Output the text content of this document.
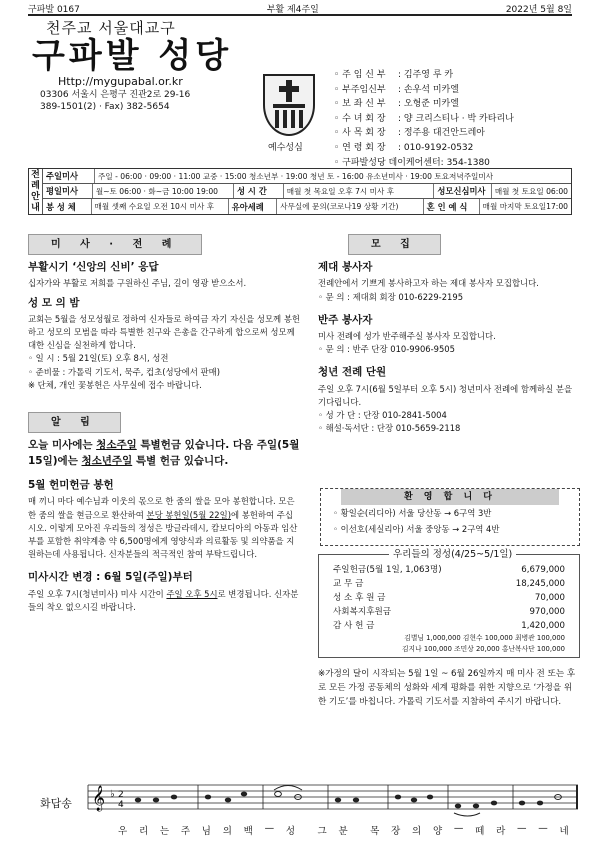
구파발 0167	부활 제4주일	2022년 5월 8일
천주교 서울대교구
구파발 성당
Http://mygupabal.or.kr
03306 서울시 은평구 진관2로 29-16
389-1501(2) · Fax) 382-5654
예수성심
◦ 주 임 신 부	: 김주영 루 카
◦ 부주임신부	: 손우석 미카엘
◦ 보 좌 신 부	: 오형준 미카엘
◦ 수 녀 회 장	: 양 크리스티나 · 박 카타리나
◦ 사 목 회 장	: 정주용 대건안드레아
◦ 연 령 회 장	: 010-9192-0532
◦ 구파발성당 데이케어센터 : 354-1380
전
례
안
내
주일미사	주일 - 06:00 · 09:00 · 11:00 교중 · 15:00 청소년부 · 19:00 청년 토 - 16:00 유소년미사 · 19:00 토요저녁주일미사
평일미사	월~토 06:00 · 화~금 10:00 19:00	성 시 간	매월 첫 목요일 오후 7시 미사 후	성모신심미사	매월 첫 토요일 06:00
봉 성 체	매월 셋째 수요일 오전 10시 미사 후	유아세례	사무실에 문의(코로나19 상황 기간)	혼 인 예 식	매월 마지막 토요일17:00
미 사 · 전 례
부활시기 ‘신앙의 신비’ 응답

십자가와 부활로 저희를 구원하신 주님, 길이 영광 받으소서.

성 모 의 밤

교회는 5월을 성모성월로 정하여 신자들로 하여금 자기 자신을 성모께 봉헌하고 성모의 모범을 따라 특별한 친구와 은총을 간구하게 합으로써 성모께 대한 신심을 실천하게 합니다.

◦ 일 시 : 5월 21일(토) 오후 8시, 성전

◦ 준비물 : 가톨릭 기도서, 묵주, 컵초(성당에서 판매)

※ 단체, 개인 꽃봉헌은 사무실에 접수 바랍니다.

알 림

오늘 미사에는 청소주일 특별헌금 있습니다. 다음 주일(5월 15일)에는 청소년주일 특별 헌금 있습니다.

5월 헌미헌금 봉헌

매 끼니 마다 예수님과 이웃의 몫으로 한 줌의 쌀을 모아 봉헌합니다. 모은 한 줌의 쌀을 현금으로 환산하여 본당 봉헌일(5월 22일)에 봉헌하여 주십시오. 이렇게 모아진 우리들의 정성은 방글라데시, 캄보디아의 아동과 임산부를 포함한 취약계층 약 6,500명에게 영양식과 의료활동 및 의약품을 지원하는데 사용됩니다. 신자분들의 적극적인 참여 부탁드립니다.

미사시간 변경 : 6월 5일(주일)부터

주일 오후 7시(청년미사) 미사 시간이 주일 오후 5시로 변경됩니다. 신자분들의 착오 없으시길 바랍니다.

모 집
제대 봉사자

전례안에서 기쁘게 봉사하고자 하는 제대 봉사자 모집합니다.

◦ 문 의 : 제대회 회장 010-6229-2195

반주 봉사자

미사 전례에 성가 반주해주실 봉사자 모집합니다.

◦ 문 의 : 반주 단장 010-9906-9505

청년 전례 단원

주일 오후 7시(6월 5일부터 오후 5시) 청년미사 전례에 함께하실 분을 기다립니다.

◦ 성 가 단 : 단장 010-2841-5004

◦ 해설·독서단 : 단장 010-5659-2118

환 영 합 니 다
◦ 황일순(리디아) 서울 당산동 → 6구역 3반
◦ 이선호(세실리아) 서울 중앙동 → 2구역 4반
우리들의 정성(4/25~5/1일)
주일헌금(5월 1일, 1,063명)	6,679,000
교 무 금	18,245,000
성 소 후 원 금	70,000
사회복지후원금	970,000
감 사 헌 금	1,420,000
김별님 1,000,000 김현수 100,000 최병관 100,000
김지나 100,000 조민상 20,000 홍난복사단 100,000
※가정의 달이 시작되는 5월 1일 ~ 6월 26일까지 매 미사 전 또는 후로 모든 가정 공동체의 성화와 세계 평화를 위한 지향으로 ‘가정을 위한 기도’를 바칩니다. 가톨릭 기도서를 지참하여 주시기 바랍니다.
화답송 𝄞 ♭ 2
4
우 리 는 주 님 의 백 — 성 그 분 목 장 의 양 — 떼 라 — — 네
